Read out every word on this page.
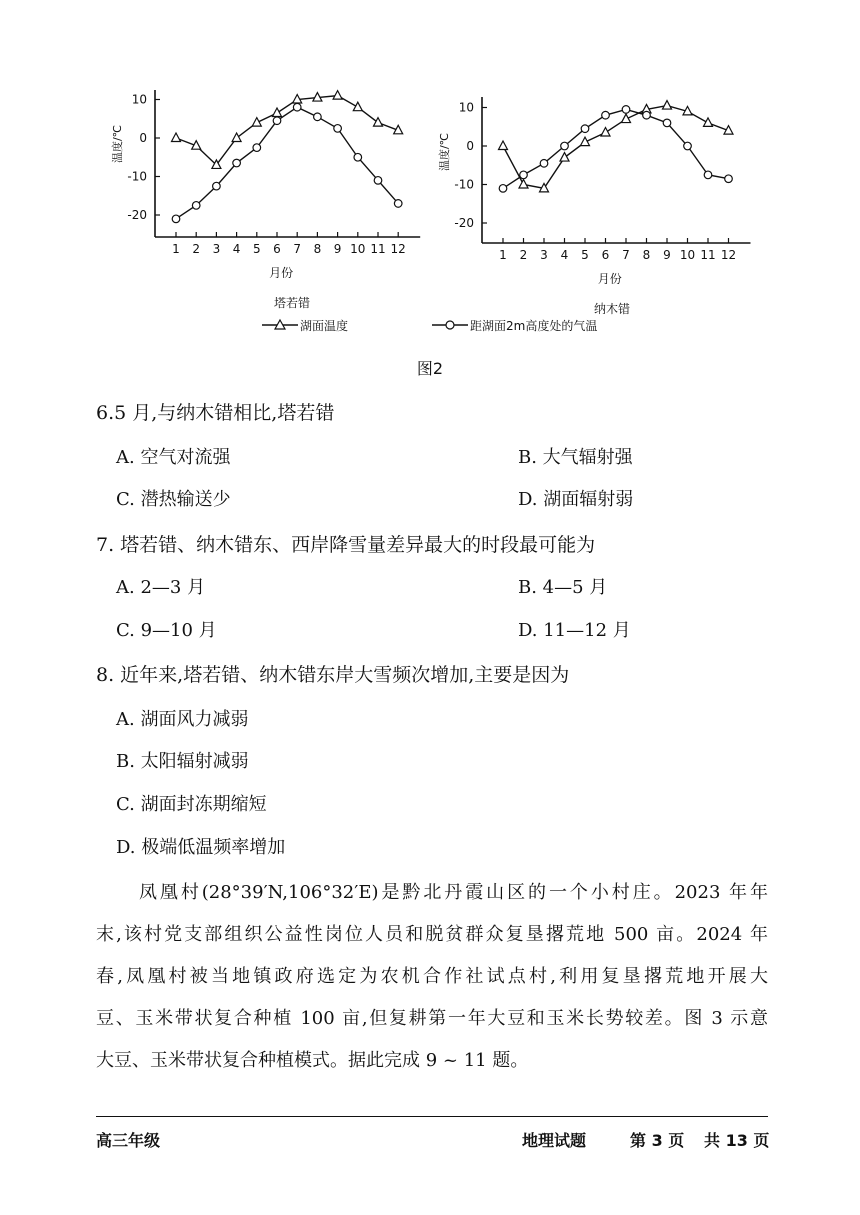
10
0
-10
-20
1 2 3 4 5 6 7 8 9 10 11 12
温度/℃
月份
塔若错
10
0
-10
-20
1 2 3 4 5 6 7 8 9 10 11 12
温度/℃
月份
纳木错
湖面温度	距湖面2m高度处的气温
图2
6.5 月,与纳木错相比,塔若错
A. 空气对流强	B. 大气辐射强
C. 潜热输送少	D. 湖面辐射弱
7. 塔若错、纳木错东、西岸降雪量差异最大的时段最可能为
A. 2—3 月	B. 4—5 月
C. 9—10 月	D. 11—12 月
8. 近年来,塔若错、纳木错东岸大雪频次增加,主要是因为
A. 湖面风力减弱
B. 太阳辐射减弱
C. 湖面封冻期缩短
D. 极端低温频率增加

凤凰村(28°39′N,106°32′E)是黔北丹霞山区的一个小村庄。2023 年年

末,该村党支部组织公益性岗位人员和脱贫群众复垦撂荒地 500 亩。2024 年

春,凤凰村被当地镇政府选定为农机合作社试点村,利用复垦撂荒地开展大

豆、玉米带状复合种植 100 亩,但复耕第一年大豆和玉米长势较差。图 3 示意

大豆、玉米带状复合种植模式。据此完成 9 ~ 11 题。

高三年级	地理试题	第 3 页 共 13 页
